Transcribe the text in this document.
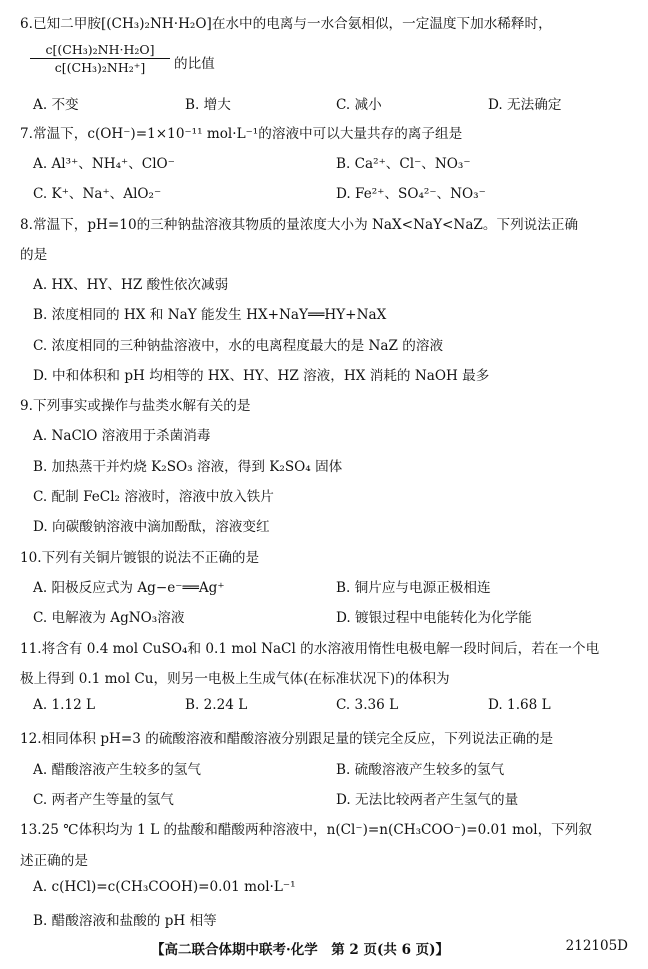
6.已知二甲胺[(CH₃)₂NH·H₂O]在水中的电离与一水合氨相似，一定温度下加水稀释时，
$\frac{\text{c[(CH₃)₂NH·H₂O]}}{\text{c[(CH₃)₂NH₂⁺]}}$ 的比值
A. 不变	B. 增大	C. 减小	D. 无法确定
7.常温下，c(OH⁻)=1×10⁻¹¹ mol·L⁻¹的溶液中可以大量共存的离子组是
A. Al³⁺、NH₄⁺、ClO⁻	B. Ca²⁺、Cl⁻、NO₃⁻
C. K⁺、Na⁺、AlO₂⁻	D. Fe²⁺、SO₄²⁻、NO₃⁻
8.常温下，pH=10的三种钠盐溶液其物质的量浓度大小为 NaX<NaY<NaZ。下列说法正确
的是
A. HX、HY、HZ 酸性依次减弱
B. 浓度相同的 HX 和 NaY 能发生 HX+NaY══HY+NaX
C. 浓度相同的三种钠盐溶液中，水的电离程度最大的是 NaZ 的溶液
D. 中和体积和 pH 均相等的 HX、HY、HZ 溶液，HX 消耗的 NaOH 最多
9.下列事实或操作与盐类水解有关的是
A. NaClO 溶液用于杀菌消毒
B. 加热蒸干并灼烧 K₂SO₃ 溶液，得到 K₂SO₄ 固体
C. 配制 FeCl₂ 溶液时，溶液中放入铁片
D. 向碳酸钠溶液中滴加酚酞，溶液变红
10.下列有关铜片镀银的说法不正确的是
A. 阳极反应式为 Ag−e⁻══Ag⁺	B. 铜片应与电源正极相连
C. 电解液为 AgNO₃溶液	D. 镀银过程中电能转化为化学能
11.将含有 0.4 mol CuSO₄和 0.1 mol NaCl 的水溶液用惰性电极电解一段时间后，若在一个电
极上得到 0.1 mol Cu，则另一电极上生成气体(在标准状况下)的体积为
A. 1.12 L	B. 2.24 L	C. 3.36 L	D. 1.68 L
12.相同体积 pH=3 的硫酸溶液和醋酸溶液分别跟足量的镁完全反应，下列说法正确的是
A. 醋酸溶液产生较多的氢气	B. 硫酸溶液产生较多的氢气
C. 两者产生等量的氢气	D. 无法比较两者产生氢气的量
13.25 ℃体积均为 1 L 的盐酸和醋酸两种溶液中，n(Cl⁻)=n(CH₃COO⁻)=0.01 mol，下列叙
述正确的是
A. c(HCl)=c(CH₃COOH)=0.01 mol·L⁻¹
B. 醋酸溶液和盐酸的 pH 相等
【高二联合体期中联考·化学　第 2 页(共 6 页)】	212105D
